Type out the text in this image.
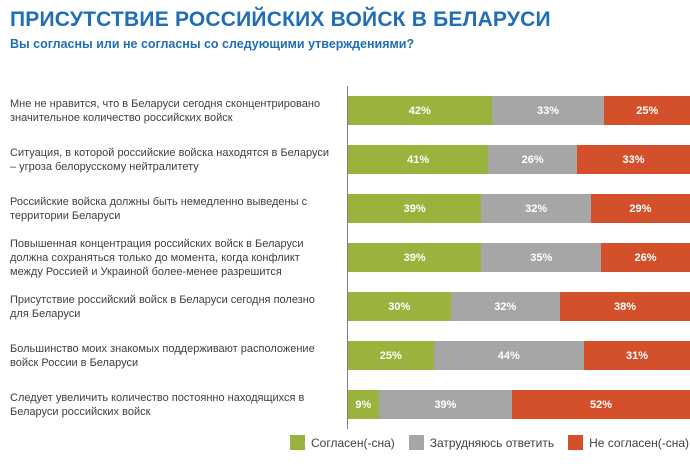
ПРИСУТСТВИЕ РОССИЙСКИХ ВОЙСК В БЕЛАРУСИ
Вы согласны или не согласны со следующими утверждениями?
Мне не нравится, что в Беларуси сегодня сконцентрировано значительное количество российских войск
42%	33%	25%
Ситуация, в которой российские войска находятся в Беларуси – угроза белорусскому нейтралитету
41%	26%	33%
Российские войска должны быть немедленно выведены с территории Беларуси
39%	32%	29%
Повышенная концентрация российских войск в Беларуси должна сохраняться только до момента, когда конфликт между Россией и Украиной более-менее разрешится
39%	35%	26%
Присутствие российский войск в Беларуси сегодня полезно для Беларуси
30%	32%	38%
Большинство моих знакомых поддерживают расположение войск России в Беларуси
25%	44%	31%
Следует увеличить количество постоянно находящихся в Беларуси российских войск
9%	39%	52%
Согласен(-сна)	Затрудняюсь ответить	Не согласен(-сна)
